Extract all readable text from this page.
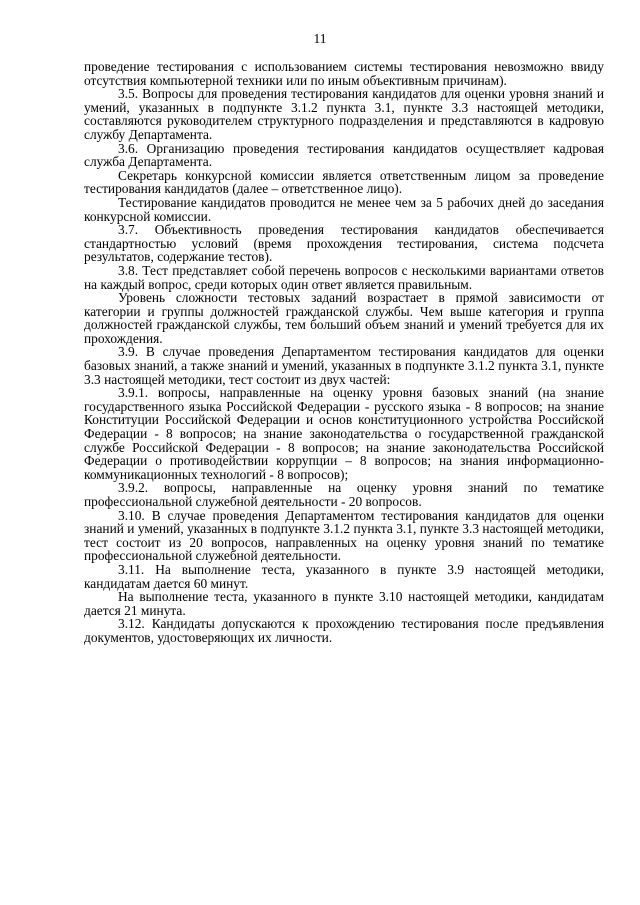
11

проведение тестирования с использованием системы тестирования невозможно ввиду отсутствия компьютерной техники или по иным объективным причинам).

3.5. Вопросы для проведения тестирования кандидатов для оценки уровня знаний и умений, указанных в подпункте 3.1.2 пункта 3.1, пункте 3.3 настоящей методики, составляются руководителем структурного подразделения и представляются в кадровую службу Департамента.

3.6. Организацию проведения тестирования кандидатов осуществляет кадровая служба Департамента.

Секретарь конкурсной комиссии является ответственным лицом за проведение тестирования кандидатов (далее – ответственное лицо).

Тестирование кандидатов проводится не менее чем за 5 рабочих дней до заседания конкурсной комиссии.

3.7. Объективность проведения тестирования кандидатов обеспечивается стандартностью условий (время прохождения тестирования, система подсчета результатов, содержание тестов).

3.8. Тест представляет собой перечень вопросов с несколькими вариантами ответов на каждый вопрос, среди которых один ответ является правильным.

Уровень сложности тестовых заданий возрастает в прямой зависимости от категории и группы должностей гражданской службы. Чем выше категория и группа должностей гражданской службы, тем больший объем знаний и умений требуется для их прохождения.

3.9. В случае проведения Департаментом тестирования кандидатов для оценки базовых знаний, а также знаний и умений, указанных в подпункте 3.1.2 пункта 3.1, пункте 3.3 настоящей методики, тест состоит из двух частей:

3.9.1. вопросы, направленные на оценку уровня базовых знаний (на знание государственного языка Российской Федерации - русского языка - 8 вопросов; на знание Конституции Российской Федерации и основ конституционного устройства Российской Федерации - 8 вопросов; на знание законодательства о государственной гражданской службе Российской Федерации - 8 вопросов; на знание законодательства Российской Федерации о противодействии коррупции – 8 вопросов; на знания информационно-коммуникационных технологий - 8 вопросов);

3.9.2. вопросы, направленные на оценку уровня знаний по тематике профессиональной служебной деятельности - 20 вопросов.

3.10. В случае проведения Департаментом тестирования кандидатов для оценки знаний и умений, указанных в подпункте 3.1.2 пункта 3.1, пункте 3.3 настоящей методики, тест состоит из 20 вопросов, направленных на оценку уровня знаний по тематике профессиональной служебной деятельности.

3.11. На выполнение теста, указанного в пункте 3.9 настоящей методики, кандидатам дается 60 минут.

На выполнение теста, указанного в пункте 3.10 настоящей методики, кандидатам дается 21 минута.

3.12. Кандидаты допускаются к прохождению тестирования после предъявления документов, удостоверяющих их личности.
